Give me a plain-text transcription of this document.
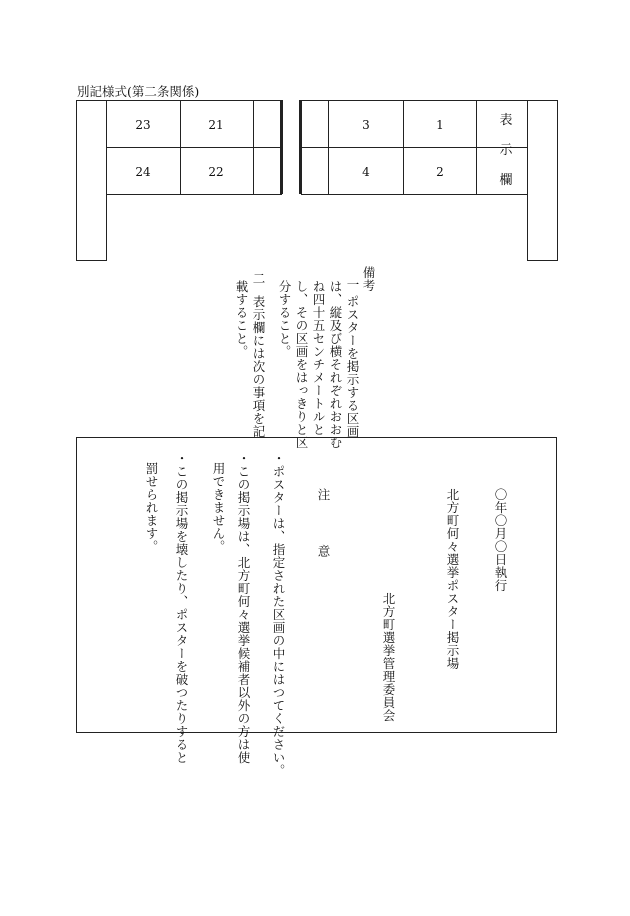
別記様式(第二条関係)
23	21
24	22
3	1
4	2
表
示
欄
備考
一
ポスターを掲示する区画
は、縦及び横それぞれおおむ
ね四十五センチメートルと
し、その区画をはっきりと区
分すること。
二
表示欄には次の事項を記
載すること。
〇年〇月〇日執行
北方町何々選挙ポスター掲示場
北方町選挙管理委員会
注 意
・ポスターは、指定された区画の中にはつてください。
・この掲示場は、北方町何々選挙候補者以外の方は使
用できません。
・この掲示場を壊したり、ポスターを破つたりすると
罰せられます。
